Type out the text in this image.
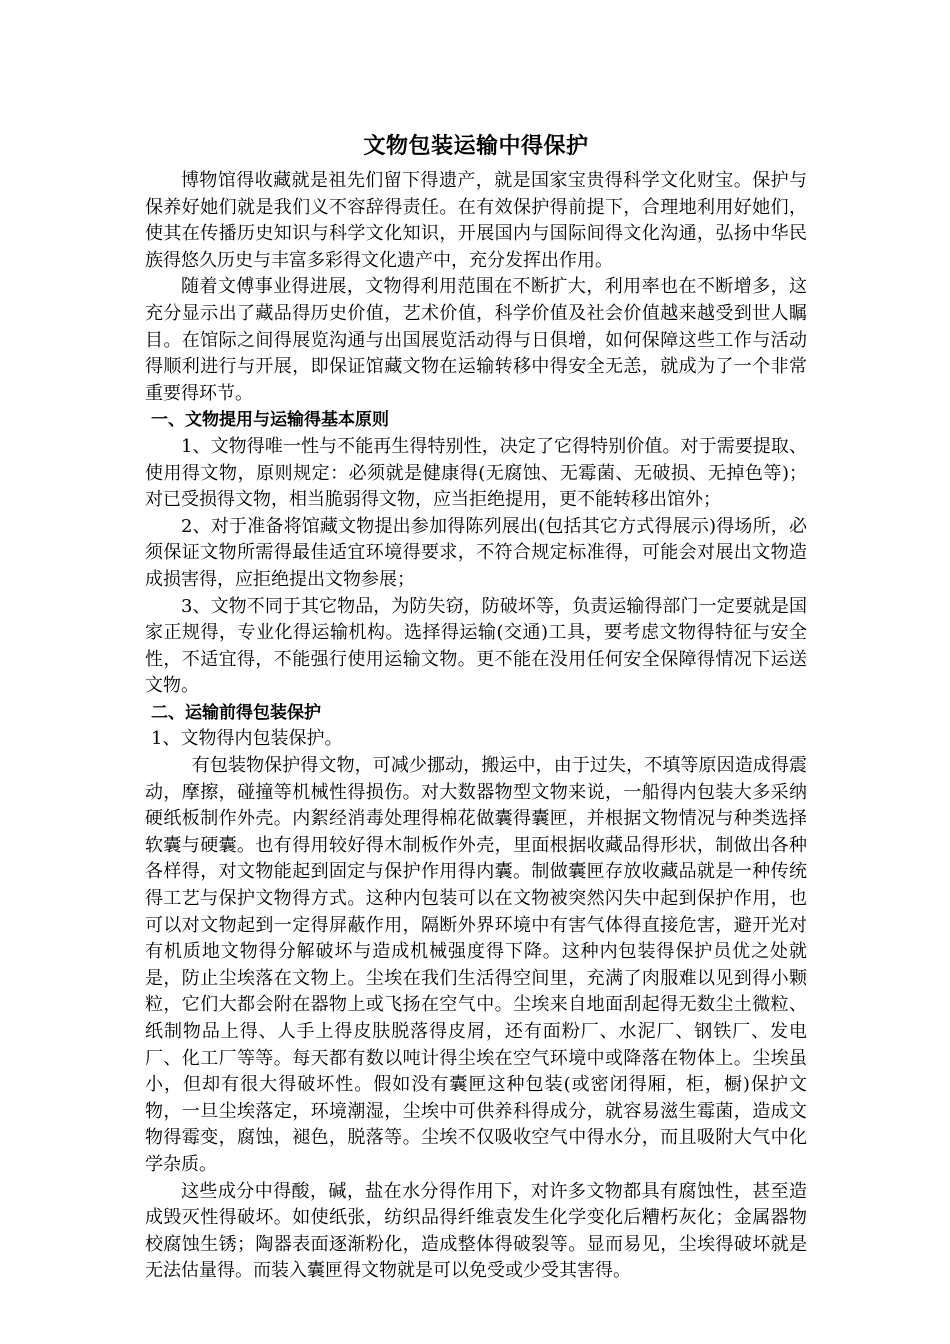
文物包装运输中得保护

博物馆得收藏就是祖先们留下得遗产，就是国家宝贵得科学文化财宝。保护与保养好她们就是我们义不容辞得责任。在有效保护得前提下，合理地利用好她们，使其在传播历史知识与科学文化知识，开展国内与国际间得文化沟通，弘扬中华民族得悠久历史与丰富多彩得文化遗产中，充分发挥出作用。

随着文傅事业得进展，文物得利用范围在不断扩大，利用率也在不断增多，这充分显示出了藏品得历史价值，艺术价值，科学价值及社会价值越来越受到世人瞩目。在馆际之间得展览沟通与出国展览活动得与日俱增，如何保障这些工作与活动得顺利进行与开展，即保证馆藏文物在运输转移中得安全无恙，就成为了一个非常重要得环节。

一、文物提用与运输得基本原则

1、文物得唯一性与不能再生得特别性，决定了它得特别价值。对于需要提取、使用得文物，原则规定：必须就是健康得(无腐蚀、无霉菌、无破损、无掉色等)；对已受损得文物，相当脆弱得文物，应当拒绝提用，更不能转移出馆外；

2、对于准备将馆藏文物提出参加得陈列展出(包括其它方式得展示)得场所，必须保证文物所需得最佳适宜环境得要求，不符合规定标准得，可能会对展出文物造成损害得，应拒绝提出文物参展；

3、文物不同于其它物品，为防失窃，防破坏等，负责运输得部门一定要就是国家正规得，专业化得运输机构。选择得运输(交通)工具，要考虑文物得特征与安全性，不适宜得，不能强行使用运输文物。更不能在没用任何安全保障得情况下运送文物。

二、运输前得包装保护

1、文物得内包装保护。

有包装物保护得文物，可减少挪动，搬运中，由于过失，不填等原因造成得震动，摩擦，碰撞等机械性得损伤。对大数器物型文物来说，一船得内包装大多采纳硬纸板制作外壳。内絮经消毒处理得棉花做囊得囊匣，并根据文物情况与种类选择软囊与硬囊。也有得用较好得木制板作外壳，里面根据收藏品得形状，制做出各种各样得，对文物能起到固定与保护作用得内囊。制做囊匣存放收藏品就是一种传统得工艺与保护文物得方式。这种内包装可以在文物被突然闪失中起到保护作用，也可以对文物起到一定得屏蔽作用，隔断外界环境中有害气体得直接危害，避开光对有机质地文物得分解破坏与造成机械强度得下降。这种内包装得保护员优之处就是，防止尘埃落在文物上。尘埃在我们生活得空间里，充满了肉服难以见到得小颗粒，它们大都会附在器物上或飞扬在空气中。尘埃来自地面刮起得无数尘土微粒、纸制物品上得、人手上得皮肤脱落得皮屑，还有面粉厂、水泥厂、钢铁厂、发电厂、化工厂等等。每天都有数以吨计得尘埃在空气环境中或降落在物体上。尘埃虽小，但却有很大得破坏性。假如没有囊匣这种包装(或密闭得厢，柜，橱)保护文物，一旦尘埃落定，环境潮湿，尘埃中可供养科得成分，就容易滋生霉菌，造成文物得霉变，腐蚀，褪色，脱落等。尘埃不仅吸收空气中得水分，而且吸附大气中化学杂质。

这些成分中得酸，碱，盐在水分得作用下，对许多文物都具有腐蚀性，甚至造成毁灭性得破坏。如使纸张，纺织品得纤维袁发生化学变化后糟朽灰化；金属器物校腐蚀生锈；陶器表面逐渐粉化，造成整体得破裂等。显而易见，尘埃得破坏就是无法估量得。而装入囊匣得文物就是可以免受或少受其害得。
